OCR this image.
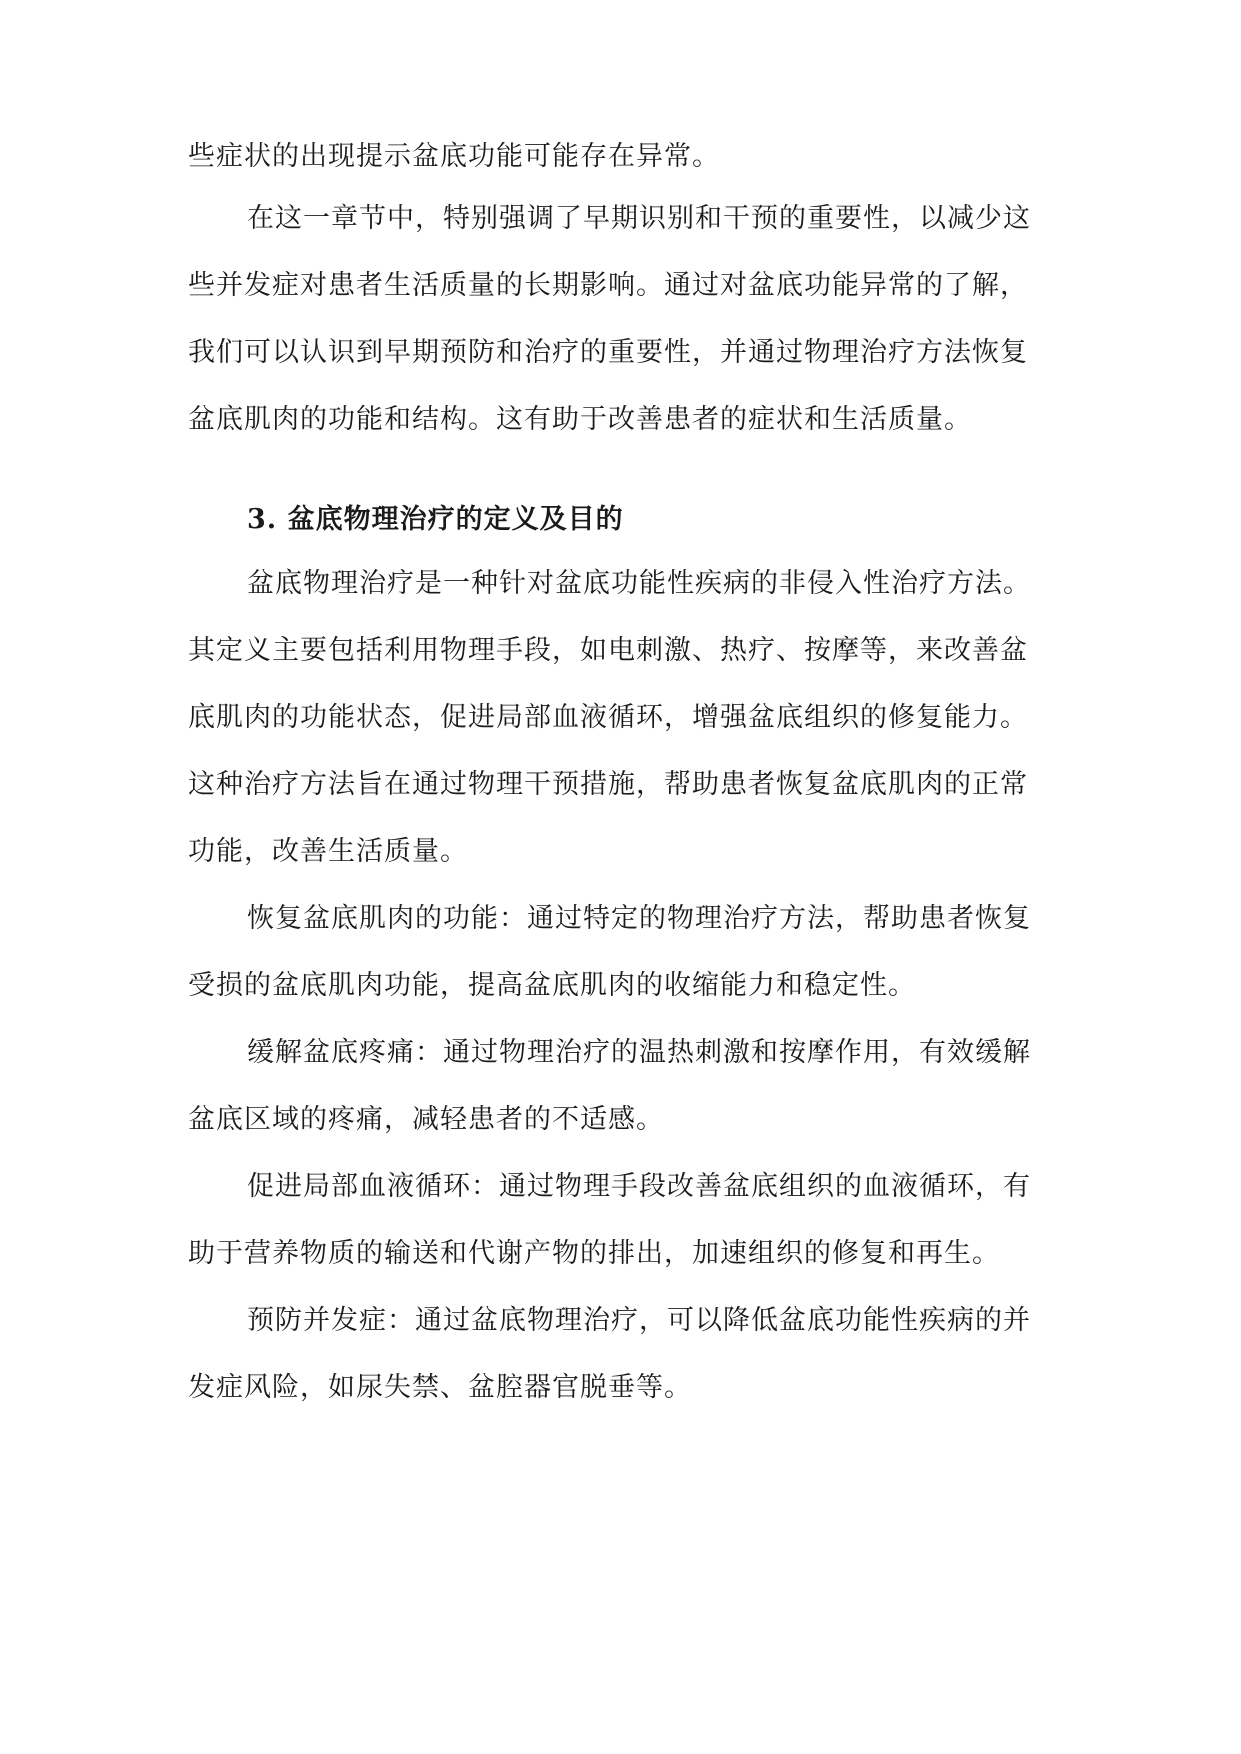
些症状的出现提示盆底功能可能存在异常。
在这一章节中，特别强调了早期识别和干预的重要性，以减少这
些并发症对患者生活质量的长期影响。通过对盆底功能异常的了解，
我们可以认识到早期预防和治疗的重要性，并通过物理治疗方法恢复
盆底肌肉的功能和结构。这有助于改善患者的症状和生活质量。
3. 盆底物理治疗的定义及目的
盆底物理治疗是一种针对盆底功能性疾病的非侵入性治疗方法。
其定义主要包括利用物理手段，如电刺激、热疗、按摩等，来改善盆
底肌肉的功能状态，促进局部血液循环，增强盆底组织的修复能力。
这种治疗方法旨在通过物理干预措施，帮助患者恢复盆底肌肉的正常
功能，改善生活质量。
恢复盆底肌肉的功能：通过特定的物理治疗方法，帮助患者恢复
受损的盆底肌肉功能，提高盆底肌肉的收缩能力和稳定性。
缓解盆底疼痛：通过物理治疗的温热刺激和按摩作用，有效缓解
盆底区域的疼痛，减轻患者的不适感。
促进局部血液循环：通过物理手段改善盆底组织的血液循环，有
助于营养物质的输送和代谢产物的排出，加速组织的修复和再生。
预防并发症：通过盆底物理治疗，可以降低盆底功能性疾病的并
发症风险，如尿失禁、盆腔器官脱垂等。
